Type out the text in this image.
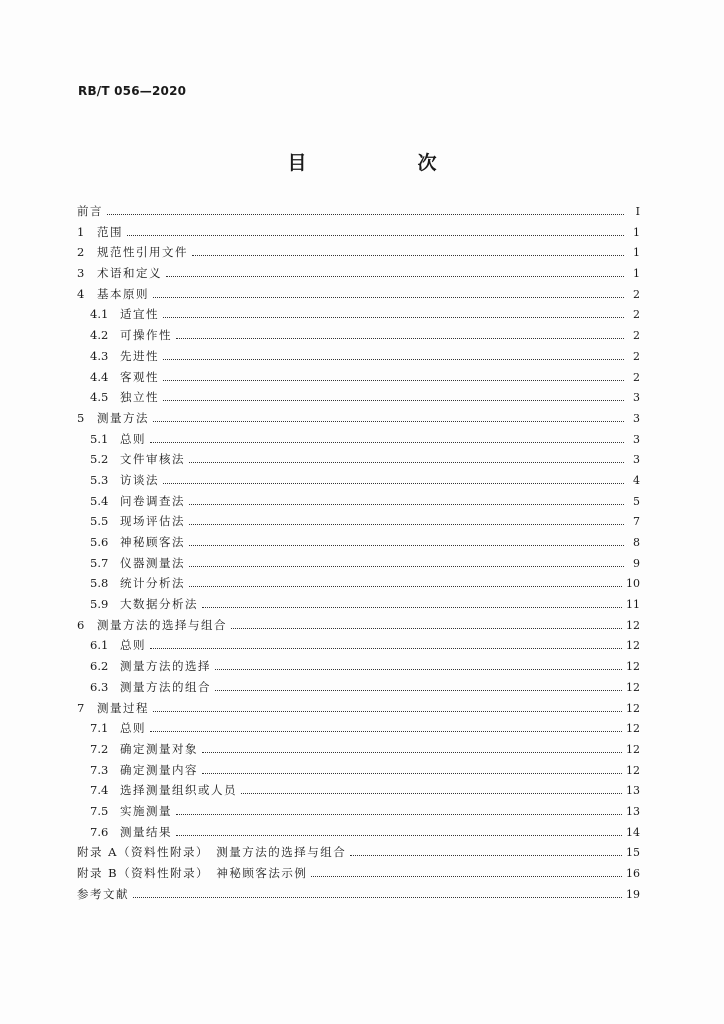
RB/T 056—2020
目　次
前言	Ⅰ
1	范围	1
2	规范性引用文件	1
3	术语和定义	1
4	基本原则	2
4.1	适宜性	2
4.2	可操作性	2
4.3	先进性	2
4.4	客观性	2
4.5	独立性	3
5	测量方法	3
5.1	总则	3
5.2	文件审核法	3
5.3	访谈法	4
5.4	问卷调查法	5
5.5	现场评估法	7
5.6	神秘顾客法	8
5.7	仪器测量法	9
5.8	统计分析法	10
5.9	大数据分析法	11
6	测量方法的选择与组合	12
6.1	总则	12
6.2	测量方法的选择	12
6.3	测量方法的组合	12
7	测量过程	12
7.1	总则	12
7.2	确定测量对象	12
7.3	确定测量内容	12
7.4	选择测量组织或人员	13
7.5	实施测量	13
7.6	测量结果	14
附录 A（资料性附录）　测量方法的选择与组合	15
附录 B（资料性附录）　神秘顾客法示例	16
参考文献	19
